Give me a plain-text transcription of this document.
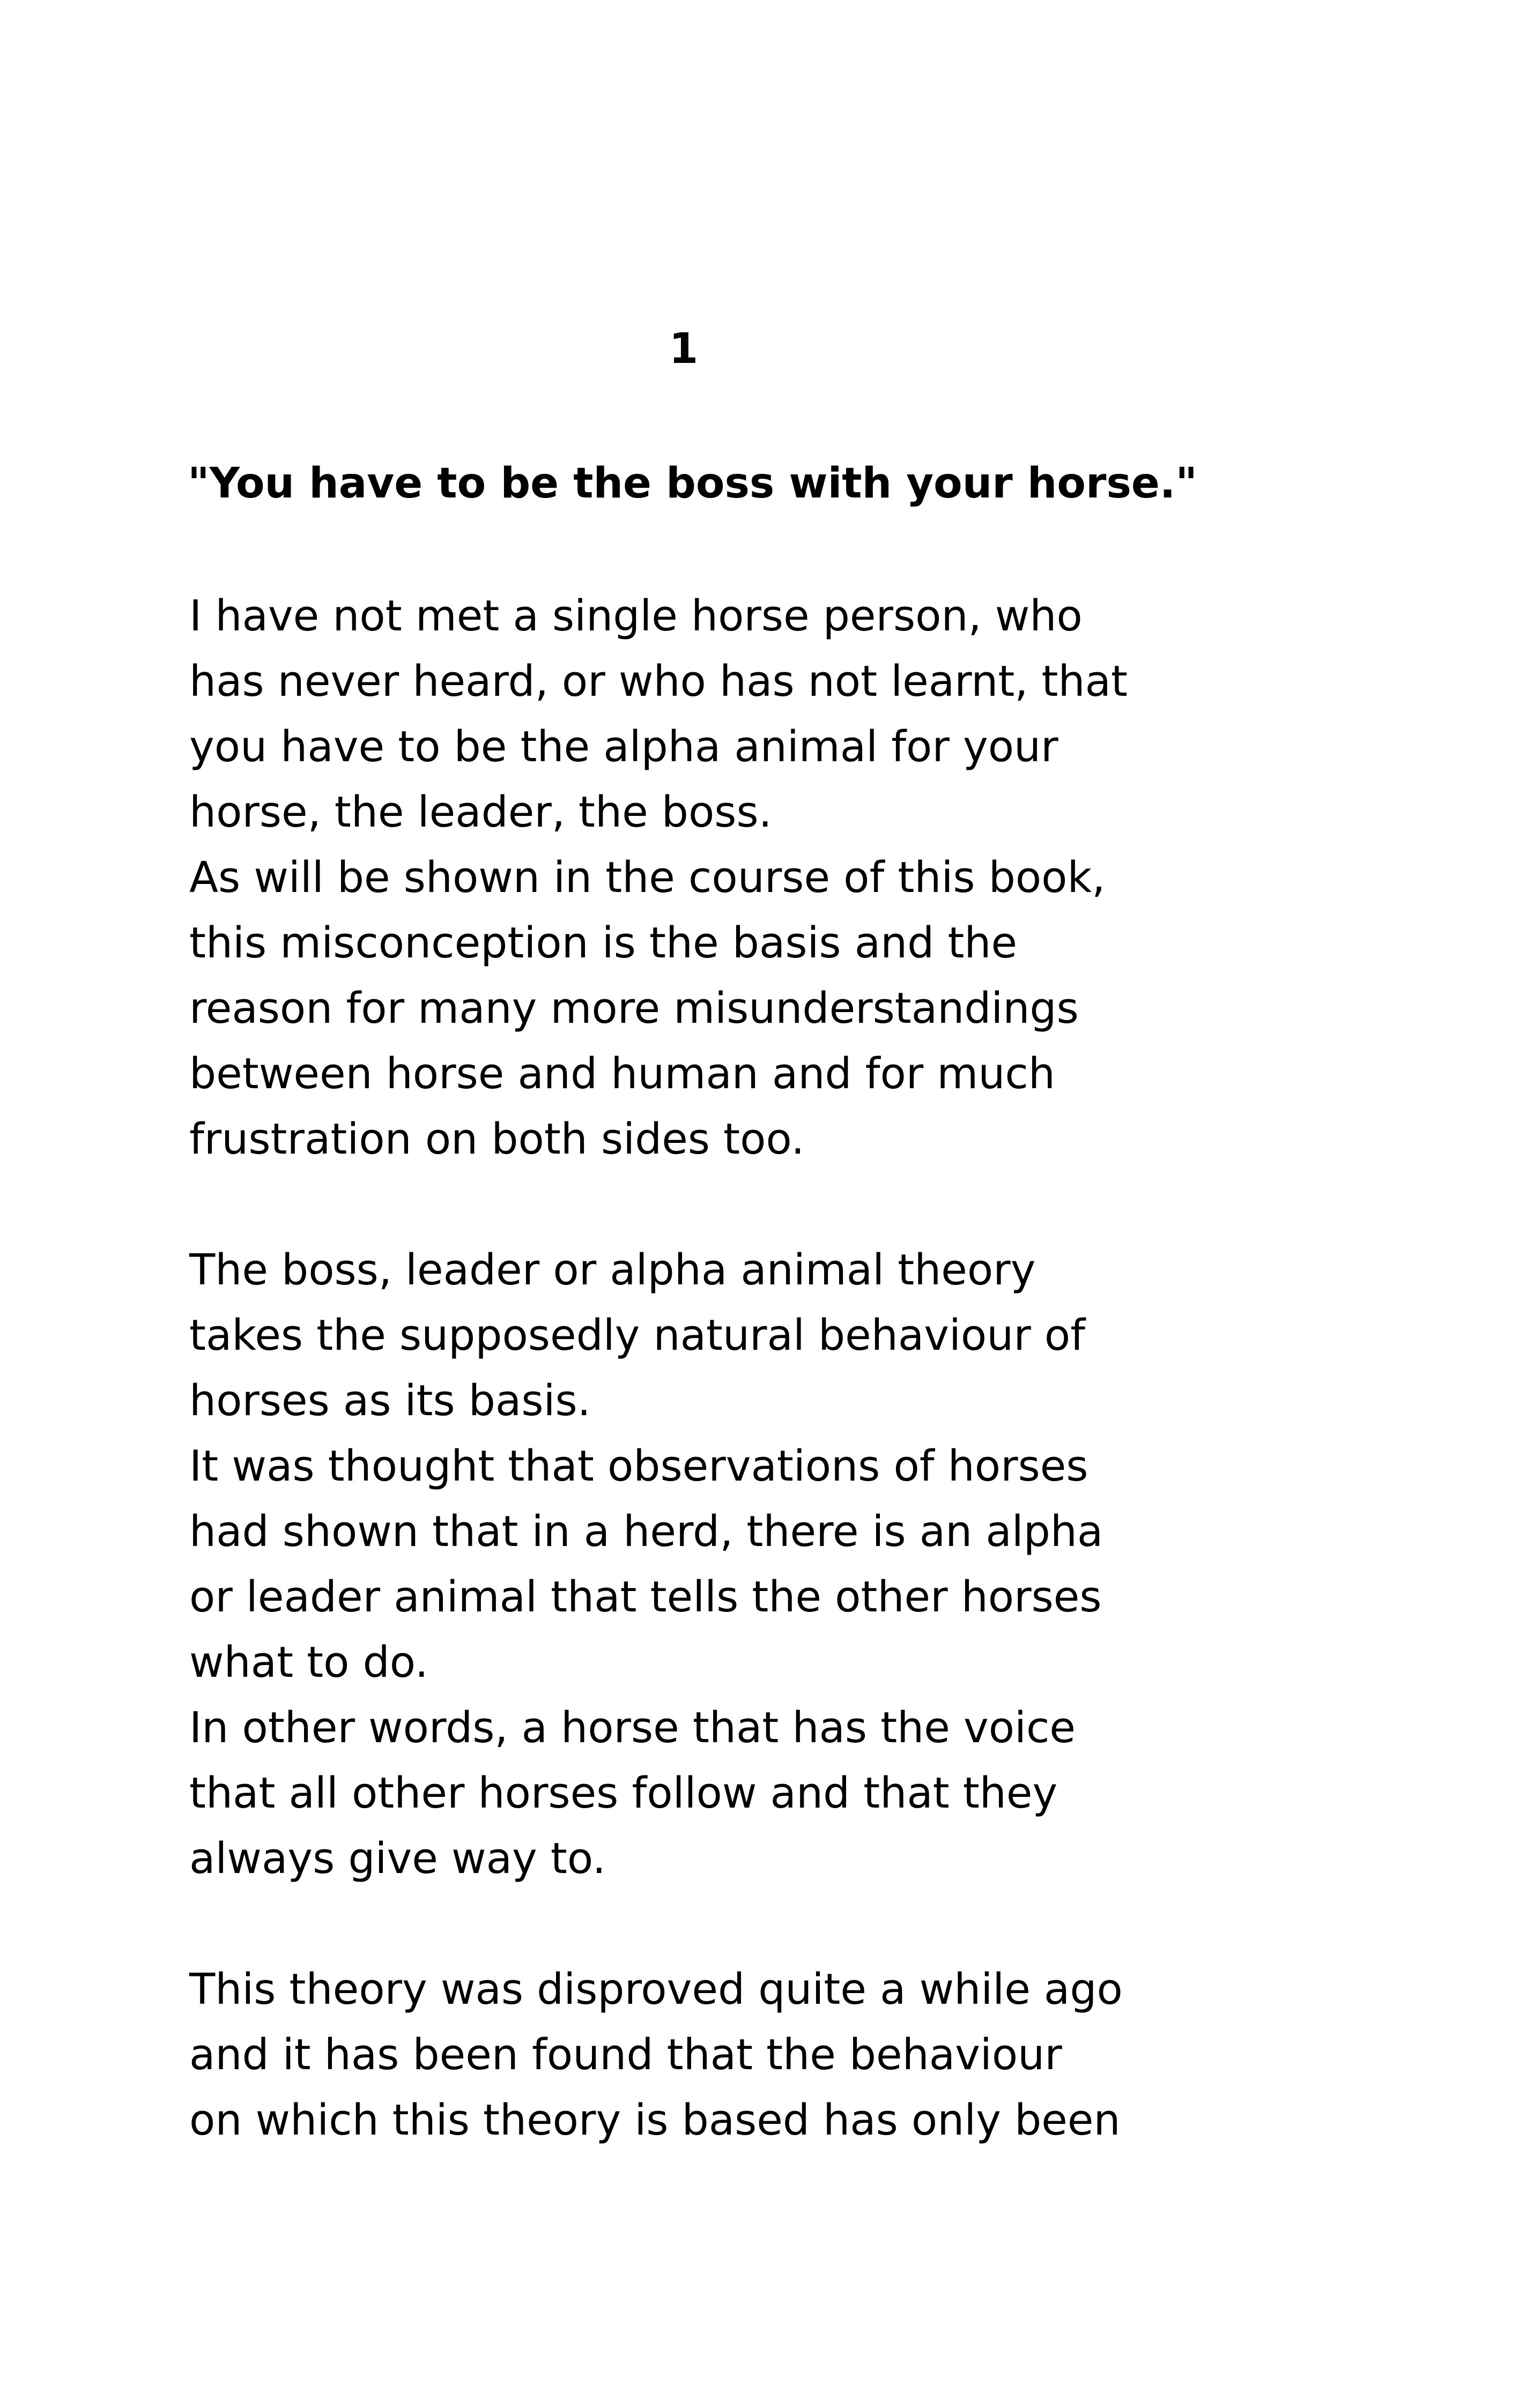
1
"You have to be the boss with your horse."
I have not met a single horse person, who
has never heard, or who has not learnt, that
you have to be the alpha animal for your
horse, the leader, the boss.
As will be shown in the course of this book,
this misconception is the basis and the
reason for many more misunderstandings
between horse and human and for much
frustration on both sides too.
The boss, leader or alpha animal theory
takes the supposedly natural behaviour of
horses as its basis.
It was thought that observations of horses
had shown that in a herd, there is an alpha
or leader animal that tells the other horses
what to do.
In other words, a horse that has the voice
that all other horses follow and that they
always give way to.
This theory was disproved quite a while ago
and it has been found that the behaviour
on which this theory is based has only been
